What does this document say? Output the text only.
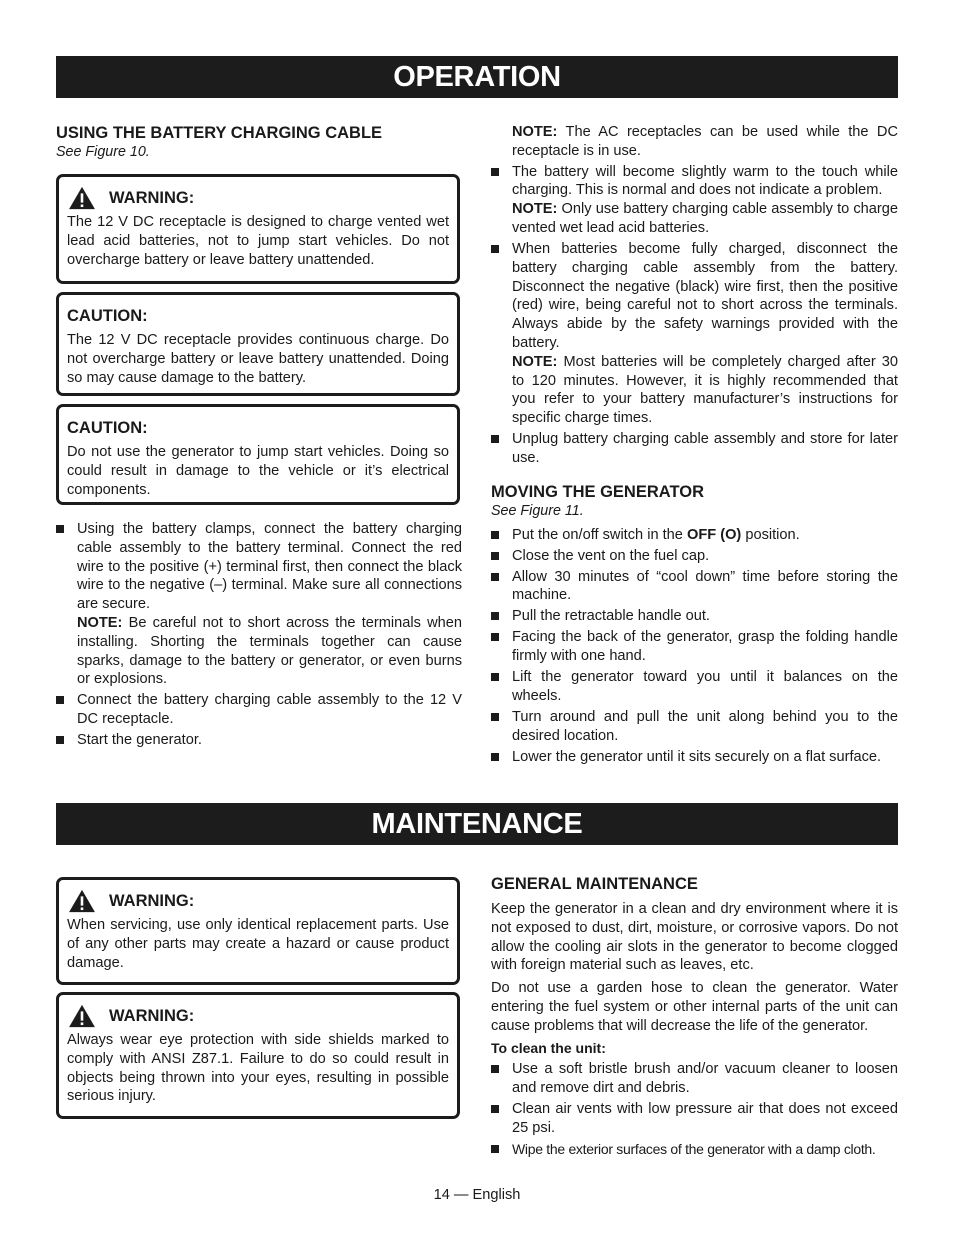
OPERATION
USING THE BATTERY CHARGING CABLE
See Figure 10.
WARNING:

The 12 V DC receptacle is designed to charge vented wet lead acid batteries, not to jump start vehicles. Do not overcharge battery or leave battery unattended.

CAUTION:

The 12 V DC receptacle provides continuous charge. Do not overcharge battery or leave battery unattended. Doing so may cause damage to the battery.

CAUTION:

Do not use the generator to jump start vehicles. Doing so could result in damage to the vehicle or it’s electrical components.

Using the battery clamps, connect the battery charging cable assembly to the battery terminal. Connect the red wire to the positive (+) terminal first, then connect the black wire to the negative (–) terminal. Make sure all connections are secure.

NOTE: Be careful not to short across the terminals when installing. Shorting the terminals together can cause sparks, damage to the battery or generator, or even burns or explosions.

Connect the battery charging cable assembly to the 12 V DC receptacle.
Start the generator.

NOTE: The AC receptacles can be used while the DC receptacle is in use.

The battery will become slightly warm to the touch while charging. This is normal and does not indicate a problem.

NOTE: Only use battery charging cable assembly to charge vented wet lead acid batteries.

When batteries become fully charged, disconnect the battery charging cable assembly from the battery. Disconnect the negative (black) wire first, then the positive (red) wire, being careful not to short across the terminals. Always abide by the safety warnings provided with the battery.

NOTE: Most batteries will be completely charged after 30 to 120 minutes. However, it is highly recommended that you refer to your battery manufacturer’s instructions for specific charge times.

Unplug battery charging cable assembly and store for later use.
MOVING THE GENERATOR
See Figure 11.
Put the on/off switch in the OFF (O) position.
Close the vent on the fuel cap.
Allow 30 minutes of “cool down” time before storing the machine.
Pull the retractable handle out.
Facing the back of the generator, grasp the folding handle firmly with one hand.
Lift the generator toward you until it balances on the wheels.
Turn around and pull the unit along behind you to the desired location.
Lower the generator until it sits securely on a flat surface.
MAINTENANCE
WARNING:

When servicing, use only identical replacement parts. Use of any other parts may create a hazard or cause product damage.

WARNING:

Always wear eye protection with side shields marked to comply with ANSI Z87.1. Failure to do so could result in objects being thrown into your eyes, resulting in possible serious injury.

GENERAL MAINTENANCE

Keep the generator in a clean and dry environment where it is not exposed to dust, dirt, moisture, or corrosive vapors. Do not allow the cooling air slots in the generator to become clogged with foreign material such as leaves, etc.

Do not use a garden hose to clean the generator. Water entering the fuel system or other internal parts of the unit can cause problems that will decrease the life of the generator.

To clean the unit:

Use a soft bristle brush and/or vacuum cleaner to loosen and remove dirt and debris.
Clean air vents with low pressure air that does not exceed 25 psi.
Wipe the exterior surfaces of the generator with a damp cloth.
14 — English
